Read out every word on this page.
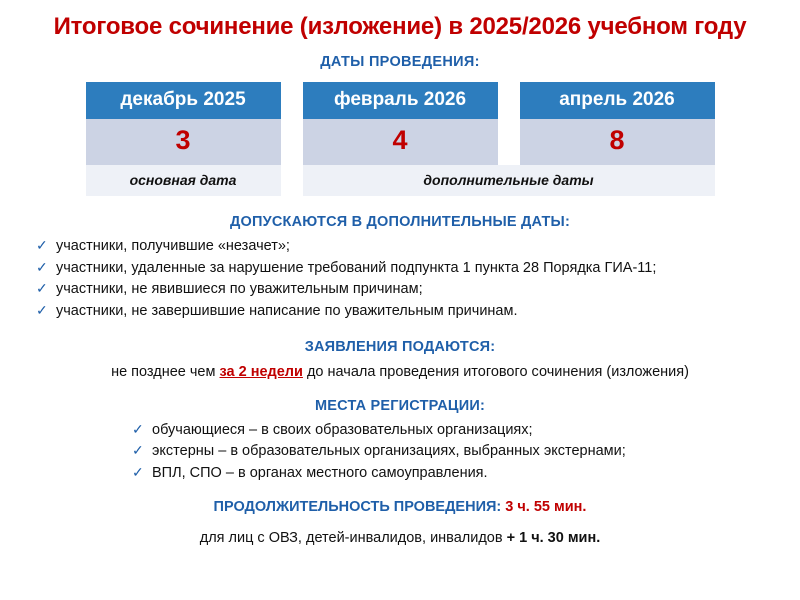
Итоговое сочинение (изложение) в 2025/2026 учебном году
ДАТЫ ПРОВЕДЕНИЯ:
декабрь 2025
3
февраль 2026
4
апрель 2026
8
основная дата	дополнительные даты
ДОПУСКАЮТСЯ В ДОПОЛНИТЕЛЬНЫЕ ДАТЫ:
✓ участники, получившие «незачет»;
✓ участники, удаленные за нарушение требований подпункта 1 пункта 28 Порядка ГИА-11;
✓ участники, не явившиеся по уважительным причинам;
✓ участники, не завершившие написание по уважительным причинам.
ЗАЯВЛЕНИЯ ПОДАЮТСЯ:
не позднее чем за 2 недели до начала проведения итогового сочинения (изложения)
МЕСТА РЕГИСТРАЦИИ:
✓ обучающиеся – в своих образовательных организациях;
✓ экстерны – в образовательных организациях, выбранных экстернами;
✓ ВПЛ, СПО – в органах местного самоуправления.
ПРОДОЛЖИТЕЛЬНОСТЬ ПРОВЕДЕНИЯ: 3 ч. 55 мин.
для лиц с ОВЗ, детей-инвалидов, инвалидов + 1 ч. 30 мин.
